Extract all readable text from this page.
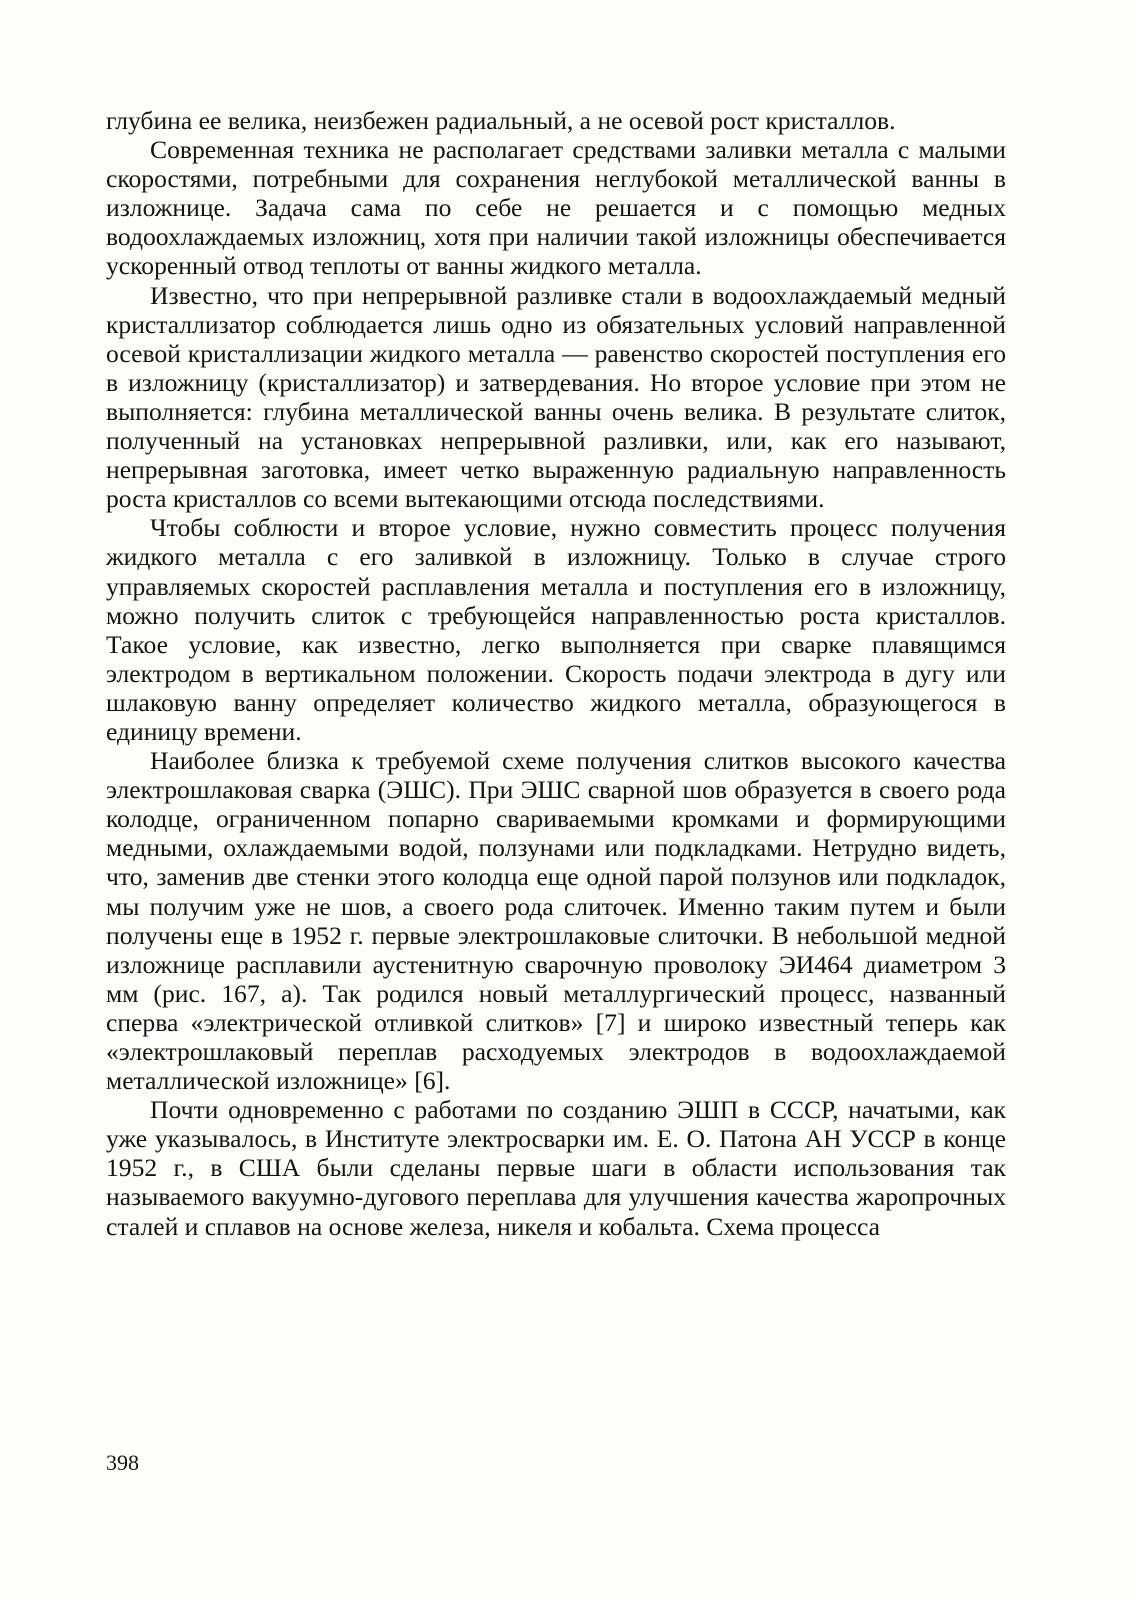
глубина ее велика, неизбежен радиальный, а не осевой рост кристаллов.

Современная техника не располагает средствами заливки металла с малыми скоростями, потребными для сохранения неглубокой металлической ванны в изложнице. Задача сама по себе не решается и с помощью медных водоохлаждаемых изложниц, хотя при наличии такой изложницы обеспечивается ускоренный отвод теплоты от ванны жидкого металла.

Известно, что при непрерывной разливке стали в водоохлаждаемый медный кристаллизатор соблюдается лишь одно из обязательных условий направленной осевой кристаллизации жидкого металла — равенство скоростей поступления его в изложницу (кристаллизатор) и затвердевания. Но второе условие при этом не выполняется: глубина металлической ванны очень велика. В результате слиток, полученный на установках непрерывной разливки, или, как его называют, непрерывная заготовка, имеет четко выраженную радиальную направленность роста кристаллов со всеми вытекающими отсюда последствиями.

Чтобы соблюсти и второе условие, нужно совместить процесс получения жидкого металла с его заливкой в изложницу. Только в случае строго управляемых скоростей расплавления металла и поступления его в изложницу, можно получить слиток с требующейся направленностью роста кристаллов. Такое условие, как известно, легко выполняется при сварке плавящимся электродом в вертикальном положении. Скорость подачи электрода в дугу или шлаковую ванну определяет количество жидкого металла, образующегося в единицу времени.

Наиболее близка к требуемой схеме получения слитков высокого качества электрошлаковая сварка (ЭШС). При ЭШС сварной шов образуется в своего рода колодце, ограниченном попарно свариваемыми кромками и формирующими медными, охлаждаемыми водой, ползунами или подкладками. Нетрудно видеть, что, заменив две стенки этого колодца еще одной парой ползунов или подкладок, мы получим уже не шов, а своего рода слиточек. Именно таким путем и были получены еще в 1952 г. первые электрошлаковые слиточки. В небольшой медной изложнице расплавили аустенитную сварочную проволоку ЭИ464 диаметром 3 мм (рис. 167, а). Так родился новый металлургический процесс, названный сперва «электрической отливкой слитков» [7] и широко известный теперь как «электрошлаковый переплав расходуемых электродов в водоохлаждаемой металлической изложнице» [6].

Почти одновременно с работами по созданию ЭШП в СССР, начатыми, как уже указывалось, в Институте электросварки им. Е. О. Патона АН УССР в конце 1952 г., в США были сделаны первые шаги в области использования так называемого вакуумно-дугового переплава для улучшения качества жаропрочных сталей и сплавов на основе железа, никеля и кобальта. Схема процесса

398
